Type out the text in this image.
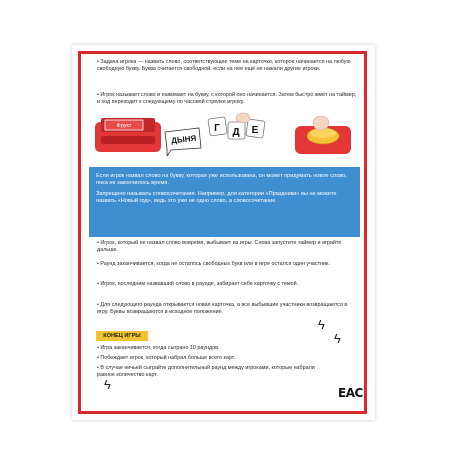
• Задача игрока — назвать слово, соответствующее теме на карточке, которое начинается на любую свободную букву. Буква считается свободной, если на неё ещё не нажали другие игроки.
• Игрок называет слово и нажимает на букву, с которой оно начинается. Затем быстро жмёт на таймер, и ход переходит к следующему по часовой стрелке игроку.
Фрукт
ДЫНЯ
Г Д Е

Если игрок назвал слово на букву, которая уже использована, он может придумать новое слово, пока не закончилось время.

Запрещено называть словосочетания. Например, для категории «Праздники» вы не можете назвать «Новый год», ведь это уже не одно слово, а словосочетание.

• Игрок, который не назвал слово вовремя, выбывает из игры. Снова запустите таймер и играйте дальше.
• Раунд заканчивается, когда не осталось свободных букв или в игре остался один участник.
• Игрок, последним назвавший слово в раунде, забирает себе карточку с темой.
• Для следующего раунда открывается новая карточка, а все выбывшие участники возвращаются в игру. Буквы возвращаются в исходное положение.
КОНЕЦ ИГРЫ
• Игра заканчивается, когда сыграно 10 раундов.
• Побеждает игрок, который набрал больше всего карт.
• В случае ничьей сыграйте дополнительный раунд между игроками, которые набрали равное количество карт.
ϟ
ϟ
ϟ
EAC
